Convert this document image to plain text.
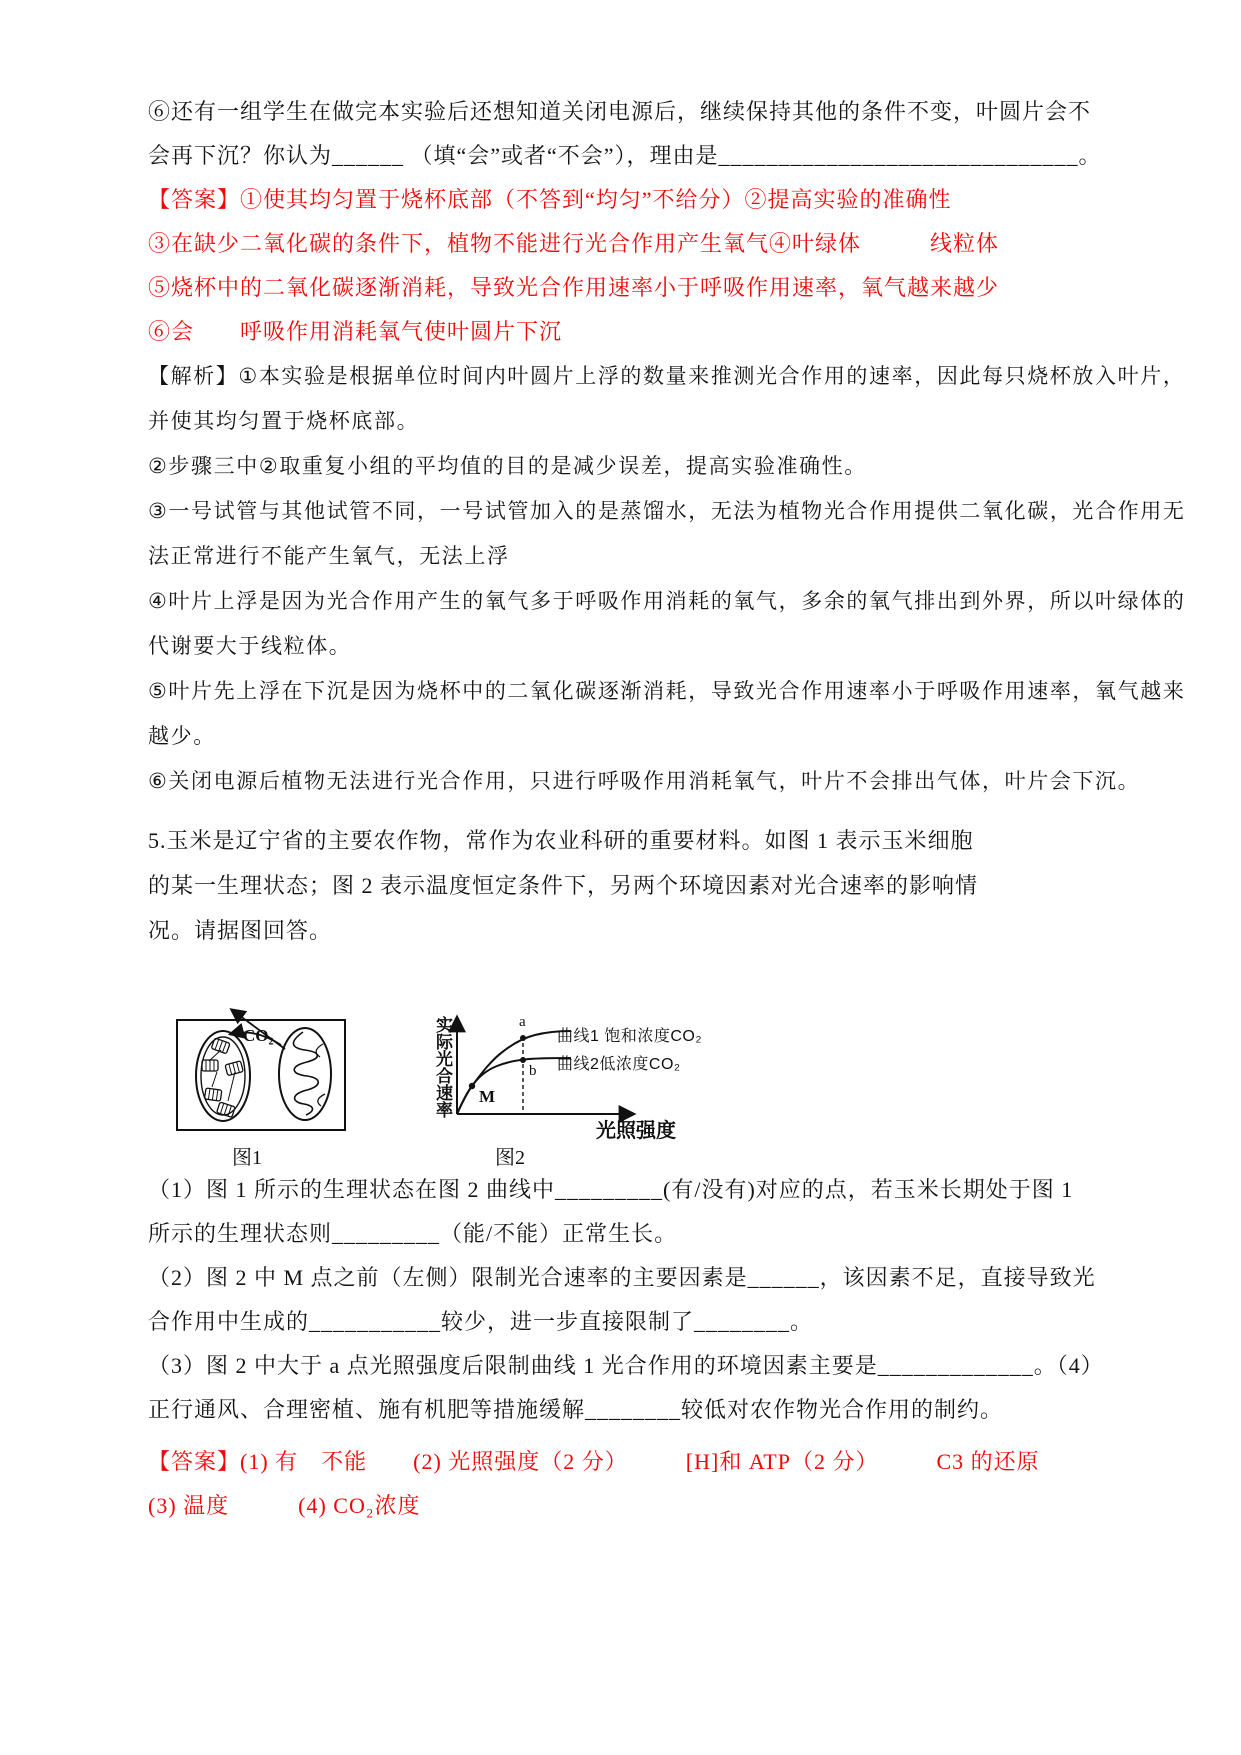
⑥还有一组学生在做完本实验后还想知道关闭电源后，继续保持其他的条件不变，叶圆片会不

会再下沉？你认为______ （填“会”或者“不会”），理由是______________________________。

【答案】①使其均匀置于烧杯底部（不答到“均匀”不给分）②提高实验的准确性

③在缺少二氧化碳的条件下，植物不能进行光合作用产生氧气④叶绿体　　　线粒体

⑤烧杯中的二氧化碳逐渐消耗，导致光合作用速率小于呼吸作用速率，氧气越来越少

⑥会　　呼吸作用消耗氧气使叶圆片下沉

【解析】①本实验是根据单位时间内叶圆片上浮的数量来推测光合作用的速率，因此每只烧杯放入叶片，

并使其均匀置于烧杯底部。

②步骤三中②取重复小组的平均值的目的是减少误差，提高实验准确性。

③一号试管与其他试管不同，一号试管加入的是蒸馏水，无法为植物光合作用提供二氧化碳，光合作用无

法正常进行不能产生氧气，无法上浮

④叶片上浮是因为光合作用产生的氧气多于呼吸作用消耗的氧气，多余的氧气排出到外界，所以叶绿体的

代谢要大于线粒体。

⑤叶片先上浮在下沉是因为烧杯中的二氧化碳逐渐消耗，导致光合作用速率小于呼吸作用速率，氧气越来

越少。

⑥关闭电源后植物无法进行光合作用，只进行呼吸作用消耗氧气，叶片不会排出气体，叶片会下沉。

5.玉米是辽宁省的主要农作物，常作为农业科研的重要材料。如图 1 表示玉米细胞

的某一生理状态；图 2 表示温度恒定条件下，另两个环境因素对光合速率的影响情

况。请据图回答。

CO₂
图1
实际光合速率	a
b
M
曲线1 饱和浓度CO₂
曲线2低浓度CO₂
光照强度
图2

（1）图 1 所示的生理状态在图 2 曲线中_________(有/没有)对应的点，若玉米长期处于图 1

所示的生理状态则_________（能/不能）正常生长。

（2）图 2 中 M 点之前（左侧）限制光合速率的主要因素是______，该因素不足，直接导致光

合作用中生成的___________较少，进一步直接限制了________。

（3）图 2 中大于 a 点光照强度后限制曲线 1 光合作用的环境因素主要是_____________。（4）

正行通风、合理密植、施有机肥等措施缓解________较低对农作物光合作用的制约。

【答案】(1) 有　不能　　(2) 光照强度（2 分）　　　[H]和 ATP（2 分）　　　C3 的还原

(3) 温度　　　(4) CO₂浓度
